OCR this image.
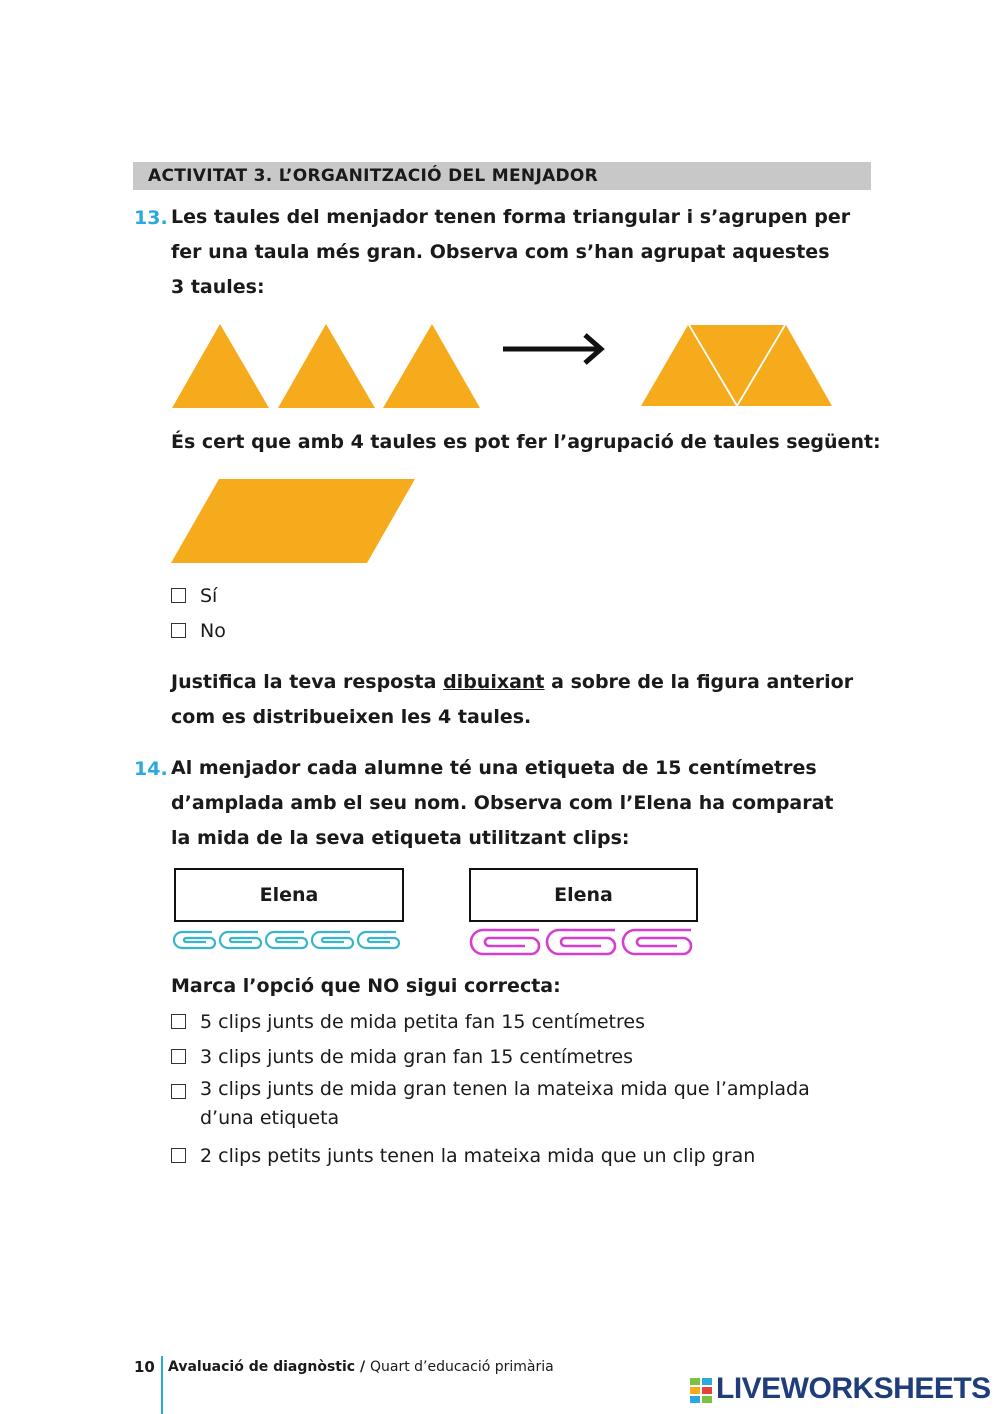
ACTIVITAT 3. L’ORGANITZACIÓ DEL MENJADOR
13. Les taules del menjador tenen forma triangular i s’agrupen per
fer una taula més gran. Observa com s’han agrupat aquestes
3 taules:
És cert que amb 4 taules es pot fer l’agrupació de taules següent:
Sí
No
Justifica la teva resposta dibuixant a sobre de la figura anterior
com es distribueixen les 4 taules.
14. Al menjador cada alumne té una etiqueta de 15 centímetres
d’amplada amb el seu nom. Observa com l’Elena ha comparat
la mida de la seva etiqueta utilitzant clips:
Elena	Elena
Marca l’opció que NO sigui correcta:
5 clips junts de mida petita fan 15 centímetres
3 clips junts de mida gran fan 15 centímetres
3 clips junts de mida gran tenen la mateixa mida que l’amplada
d’una etiqueta
2 clips petits junts tenen la mateixa mida que un clip gran
10 Avaluació de diagnòstic / Quart d’educació primària
LIVEWORKSHEETS
